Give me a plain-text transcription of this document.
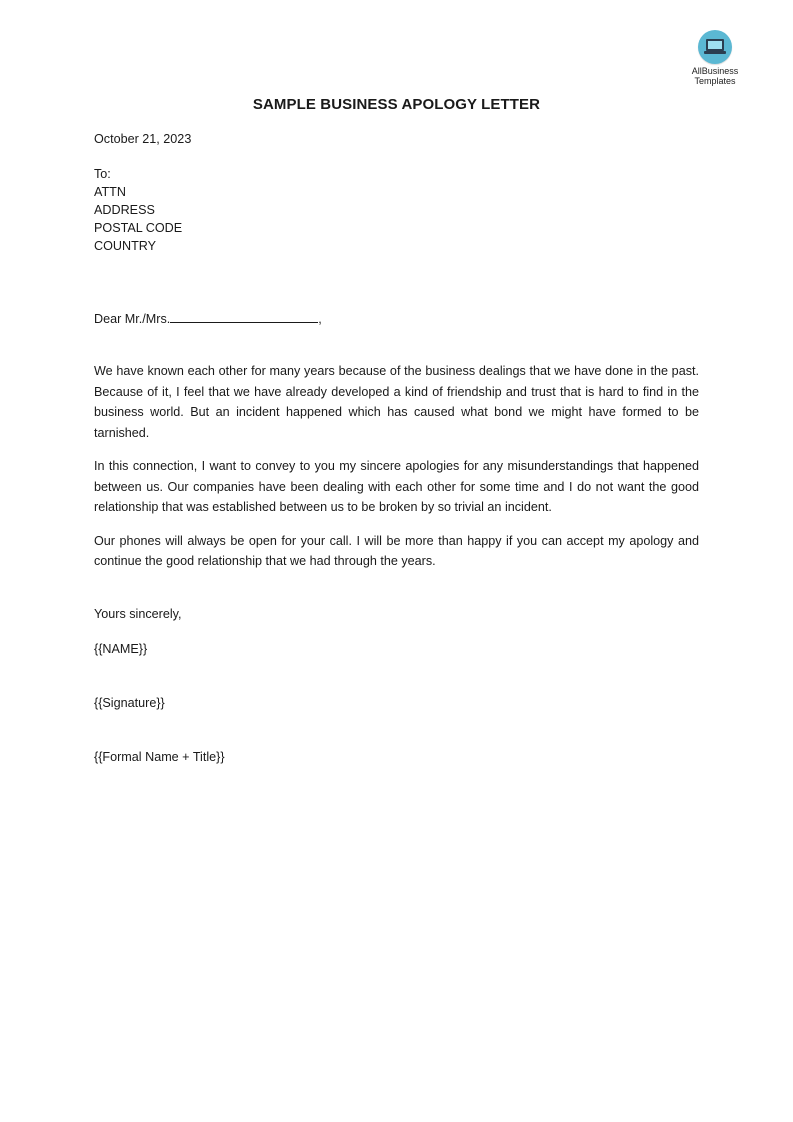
AllBusiness
Templates
SAMPLE BUSINESS APOLOGY LETTER
October 21, 2023

To:

ATTN

ADDRESS

POSTAL CODE

COUNTRY

Dear Mr./Mrs.	,

We have known each other for many years because of the business dealings that we have done in the past. Because of it, I feel that we have already developed a kind of friendship and trust that is hard to find in the business world. But an incident happened which has caused what bond we might have formed to be tarnished.

In this connection, I want to convey to you my sincere apologies for any misunderstandings that happened between us. Our companies have been dealing with each other for some time and I do not want the good relationship that was established between us to be broken by so trivial an incident.

Our phones will always be open for your call. I will be more than happy if you can accept my apology and continue the good relationship that we had through the years.

Yours sincerely,
{{NAME}}
{{Signature}}
{{Formal Name + Title}}
